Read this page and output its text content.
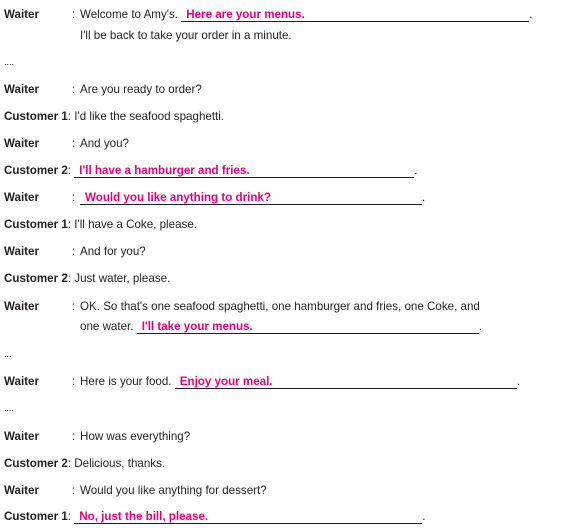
Waiter	: Welcome to Amy's. Here are your menus.	.
I'll be back to take your order in a minute.
....
Waiter	: Are you ready to order?
Customer 1: I'd like the seafood spaghetti.
Waiter	: And you?
Customer 2: I'll have a hamburger and fries.	.
Waiter	: Would you like anything to drink?	.
Customer 1: I'll have a Coke, please.
Waiter	: And for you?
Customer 2: Just water, please.
Waiter	: OK. So that's one seafood spaghetti, one hamburger and fries, one Coke, and
one water. I'll take your menus.	.
...
Waiter	: Here is your food. Enjoy your meal.	.
....
Waiter	: How was everything?
Customer 2: Delicious, thanks.
Waiter	: Would you like anything for dessert?
Customer 1: No, just the bill, please.	.
